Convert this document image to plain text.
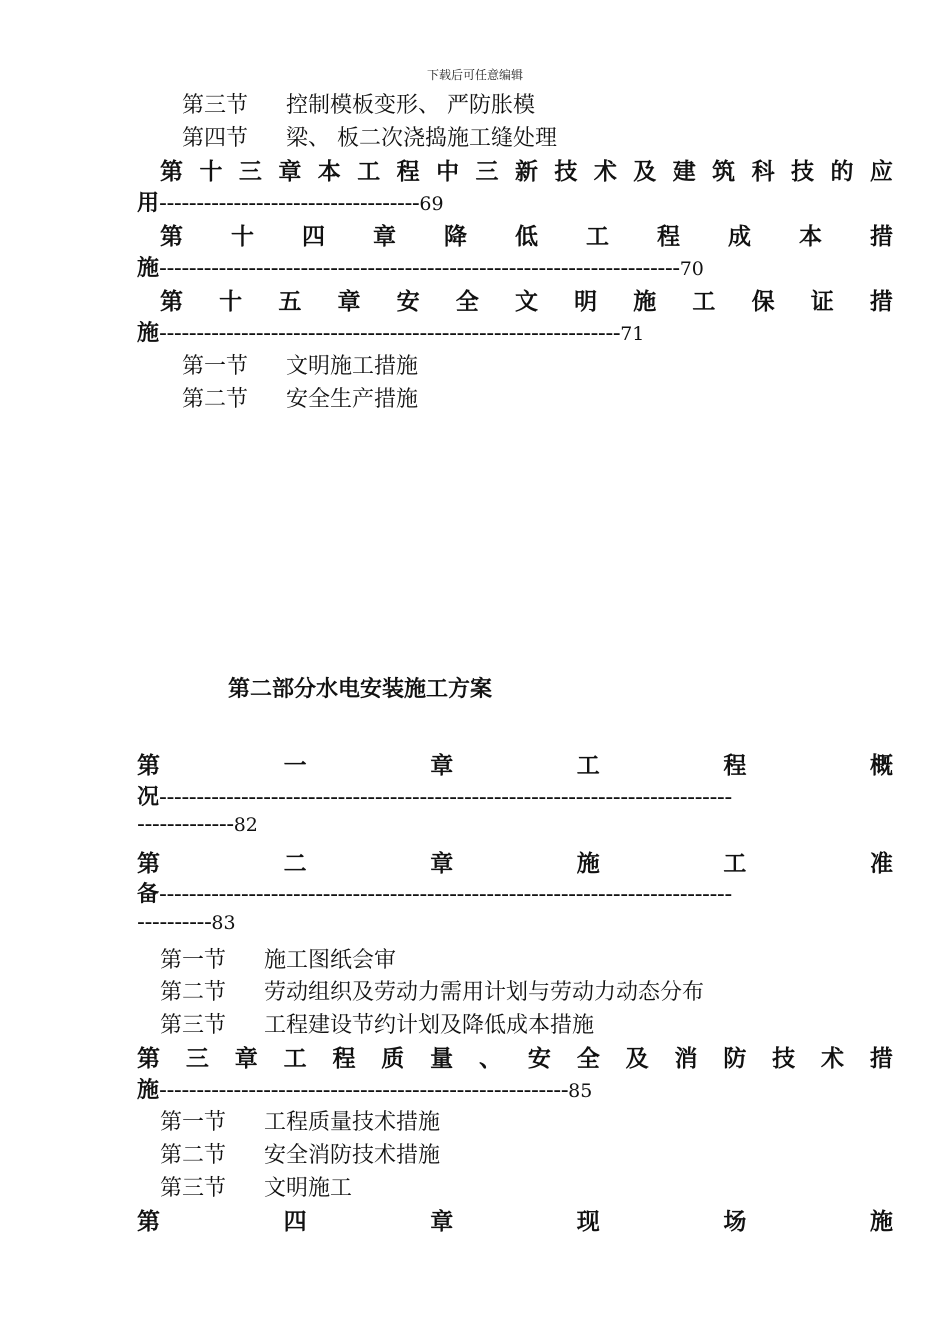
下载后可任意编辑
第三节 控制模板变形、 严防胀模
第四节 梁、 板二次浇捣施工缝处理
第 十 三 章 本 工 程 中 三 新 技 术 及 建 筑 科 技 的 应
用-----------------------------------69
第 十 四 章 降 低 工 程 成 本 措
施----------------------------------------------------------------------70
第 十 五 章 安 全 文 明 施 工 保 证 措
施--------------------------------------------------------------71
第一节 文明施工措施
第二节 安全生产措施
第二部分水电安装施工方案
第	一	章	工	程	概
况-----------------------------------------------------------------------------
-------------82
第	二	章	施	工	准
备-----------------------------------------------------------------------------
----------83
第一节 施工图纸会审
第二节 劳动组织及劳动力需用计划与劳动力动态分布
第三节 工程建设节约计划及降低成本措施
第 三 章 工 程 质 量 、 安 全 及 消 防 技 术 措
施-------------------------------------------------------85
第一节 工程质量技术措施
第二节 安全消防技术措施
第三节 文明施工
第	四	章	现	场	施
